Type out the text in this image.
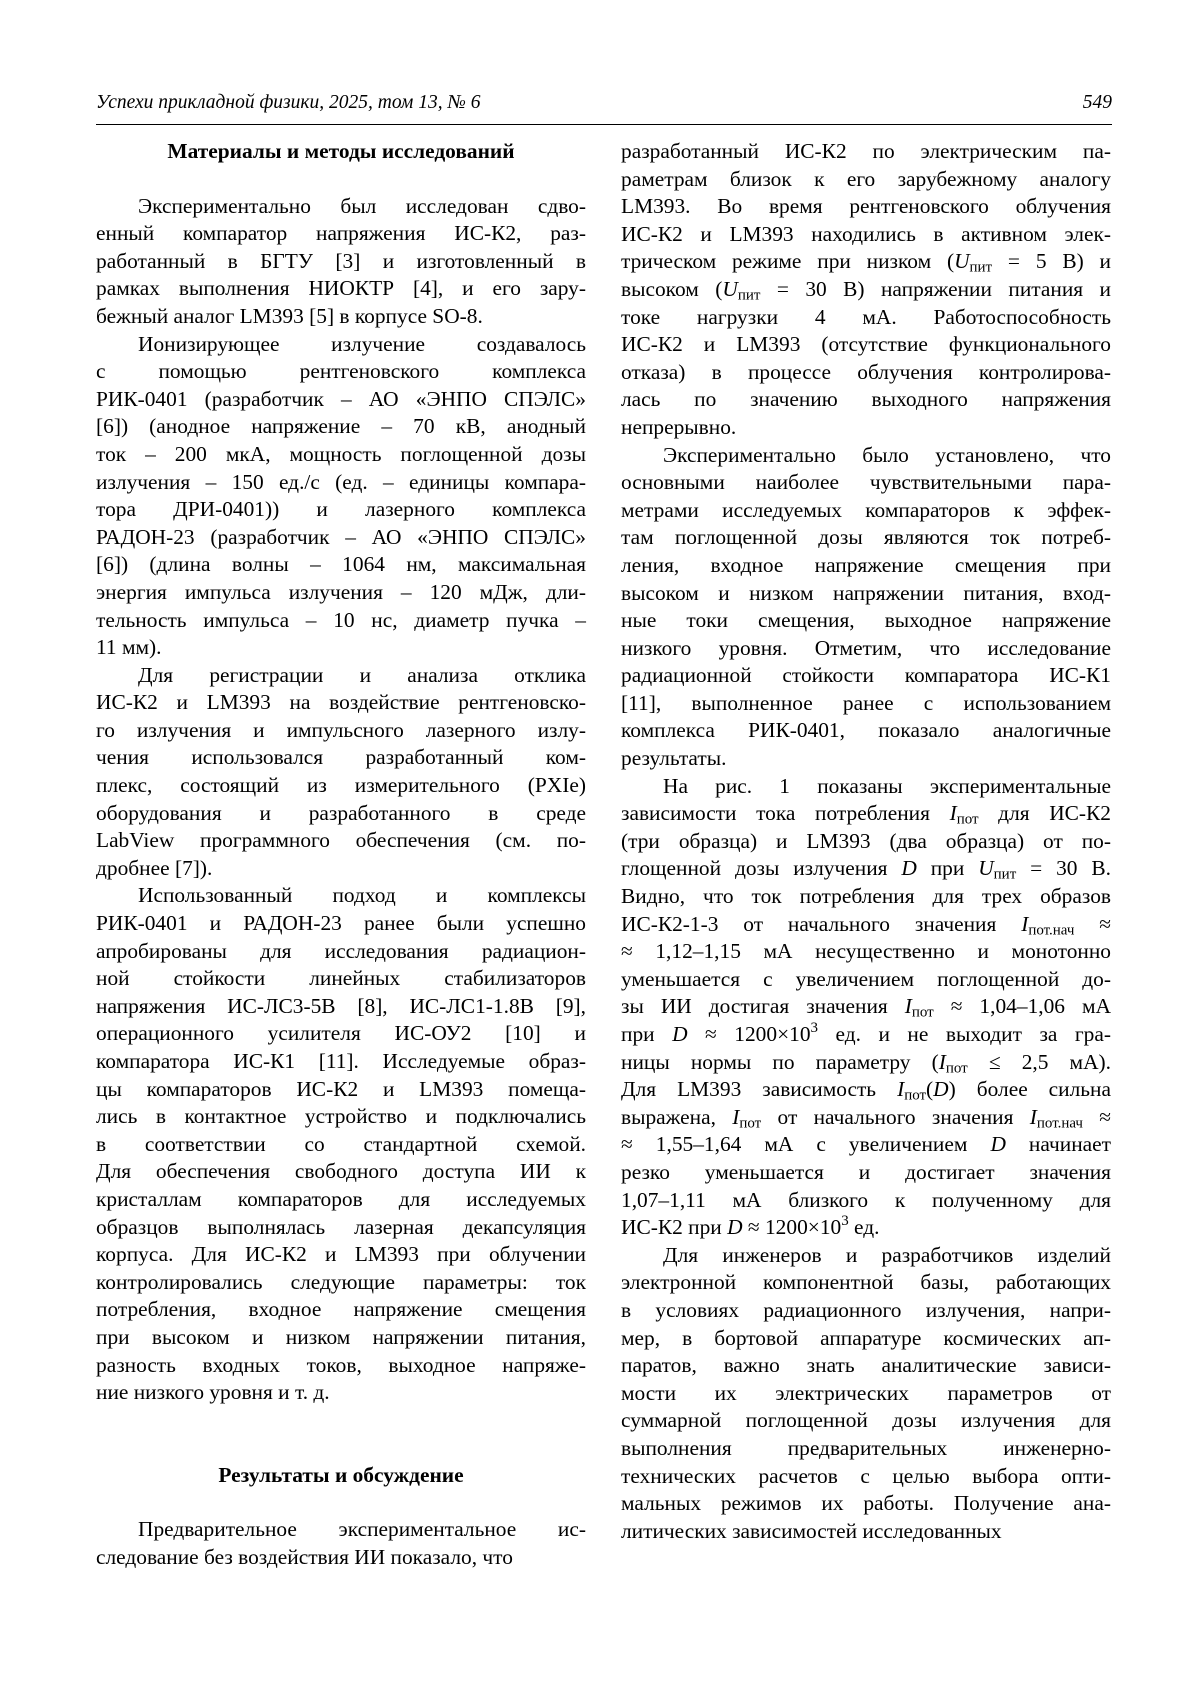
Успехи прикладной физики, 2025, том 13, № 6	549
Материалы и методы исследований

Экспериментально был исследован сдво-
енный компаратор напряжения ИС-К2, раз-
работанный в БГТУ [3] и изготовленный в
рамках выполнения НИОКТР [4], и его зару-
бежный аналог LM393 [5] в корпусе SO-8.

Ионизирующее излучение создавалось
с помощью рентгеновского комплекса
РИК-0401 (разработчик – АО «ЭНПО СПЭЛС»
[6]) (анодное напряжение – 70 кВ, анодный
ток – 200 мкА, мощность поглощенной дозы
излучения – 150 ед./с (ед. – единицы компара-
тора ДРИ-0401)) и лазерного комплекса
РАДОН-23 (разработчик – АО «ЭНПО СПЭЛС»
[6]) (длина волны – 1064 нм, максимальная
энергия импульса излучения – 120 мДж, дли-
тельность импульса – 10 нс, диаметр пучка –
11 мм).

Для регистрации и анализа отклика
ИС-К2 и LM393 на воздействие рентгеновско-
го излучения и импульсного лазерного излу-
чения использовался разработанный ком-
плекс, состоящий из измерительного (PXIe)
оборудования и разработанного в среде
LabView программного обеспечения (см. по-
дробнее [7]).

Использованный подход и комплексы
РИК-0401 и РАДОН-23 ранее были успешно
апробированы для исследования радиацион-
ной стойкости линейных стабилизаторов
напряжения ИС-ЛС3-5В [8], ИС-ЛС1-1.8В [9],
операционного усилителя ИС-ОУ2 [10] и
компаратора ИС-К1 [11]. Исследуемые образ-
цы компараторов ИС-К2 и LM393 помеща-
лись в контактное устройство и подключались
в соответствии со стандартной схемой.
Для обеспечения свободного доступа ИИ к
кристаллам компараторов для исследуемых
образцов выполнялась лазерная декапсуляция
корпуса. Для ИС-К2 и LM393 при облучении
контролировались следующие параметры: ток
потребления, входное напряжение смещения
при высоком и низком напряжении питания,
разность входных токов, выходное напряже-
ние низкого уровня и т. д.

Результаты и обсуждение

Предварительное экспериментальное ис-
следование без воздействия ИИ показало, что

разработанный ИС-К2 по электрическим па-
раметрам близок к его зарубежному аналогу
LM393. Во время рентгеновского облучения
ИС-К2 и LM393 находились в активном элек-
трическом режиме при низком ($U_{пит} = 5$ В) и
высоком ($U_{пит} = 30$ В) напряжении питания и
токе нагрузки 4 мА. Работоспособность
ИС-К2 и LM393 (отсутствие функционального
отказа) в процессе облучения контролирова-
лась по значению выходного напряжения
непрерывно.

Экспериментально было установлено, что
основными наиболее чувствительными пара-
метрами исследуемых компараторов к эффек-
там поглощенной дозы являются ток потреб-
ления, входное напряжение смещения при
высоком и низком напряжении питания, вход-
ные токи смещения, выходное напряжение
низкого уровня. Отметим, что исследование
радиационной стойкости компаратора ИС-К1
[11], выполненное ранее с использованием
комплекса РИК-0401, показало аналогичные
результаты.

На рис. 1 показаны экспериментальные
зависимости тока потребления $I_{пот}$ для ИС-К2
(три образца) и LM393 (два образца) от по-
глощенной дозы излучения D при $U_{пит} = 30$ В.
Видно, что ток потребления для трех образов
ИС-К2-1-3 от начального значения $I_{пот.нач}$ ≈
≈ 1,12–1,15 мА несущественно и монотонно
уменьшается с увеличением поглощенной до-
зы ИИ достигая значения $I_{пот} \approx 1,04-1,06$ мА
при $D \approx 1200\times 10^3$ ед. и не выходит за гра-
ницы нормы по параметру ($I_{пот} \le 2,5$ мА).
Для LM393 зависимость $I_{пот}(D)$ более сильна
выражена, $I_{пот}$ от начального значения $I_{пот.нач}$ ≈
≈ 1,55–1,64 мА с увеличением D начинает
резко уменьшается и достигает значения
1,07–1,11 мА близкого к полученному для
ИС-К2 при $D \approx 1200\times 10^3$ ед.

Для инженеров и разработчиков изделий
электронной компонентной базы, работающих
в условиях радиационного излучения, напри-
мер, в бортовой аппаратуре космических ап-
паратов, важно знать аналитические зависи-
мости их электрических параметров от
суммарной поглощенной дозы излучения для
выполнения предварительных инженерно-
технических расчетов с целью выбора опти-
мальных режимов их работы. Получение ана-
литических зависимостей исследованных
